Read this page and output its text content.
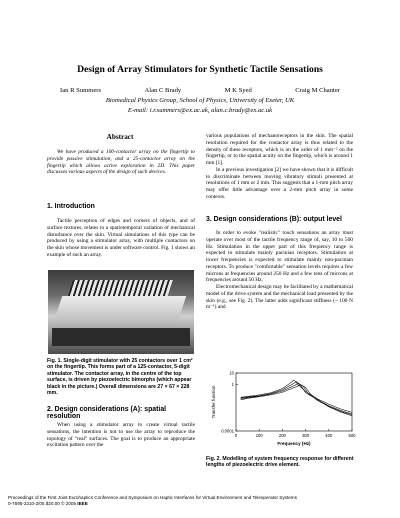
Design of Array Stimulators for Synthetic Tactile Sensations
Ian R Summers	Alan C Brady	M K Syed	Craig M Chanter
Biomedical Physics Group, School of Physics, University of Exeter, UK
E-mail: i.r.summers@ex.ac.uk, alan.c.brady@ex.ac.uk
Abstract

We have produced a 100-contactor array on the fingertip to provide passive stimulation, and a 25-contactor array on the fingertip which allows active exploration in 2D. This paper discusses various aspects of the design of such devices.

1. Introduction

Tactile perception of edges and corners of objects, and of surface textures, relates to a spatiotemporal variation of mechanical disturbance over the skin. Virtual simulations of this type can be produced by using a stimulator array, with multiple contactors on the skin whose movement is under software control. Fig. 1 shows an example of such an array.

Fig. 1. Single-digit stimulator with 25 contactors over 1 cm² on the fingertip. This forms part of a 125-contactor, 5-digit stimulator. The contactor array, in the centre of the top surface, is driven by piezoelectric bimorphs (which appear black in the picture.) Overall dimensions are 27 × 67 × 228 mm.
2. Design considerations (A): spatial resolution

When using a stimulator array to create virtual tactile sensations, the intention is not to use the array to reproduce the topology of "real" surfaces. The goal is to produce an appropriate excitation pattern over the

various populations of mechanoreceptors in the skin. The spatial resolution required for the contactor array is thus related to the density of these receptors, which is on the order of 1 mm⁻² on the fingertip, or to the spatial acuity on the fingertip, which is around 1 mm [1].

In a previous investigation [2] we have shown that it is difficult to discriminate between moving vibratory stimuli presented at resolutions of 1 mm or 2 mm. This suggests that a 1-mm pitch array may offer little advantage over a 2-mm pitch array in some contexts.

3. Design considerations (B): output level

In order to evoke "realistic" touch sensations an array must operate over most of the tactile frequency range of, say, 10 to 500 Hz. Stimulation in the upper part of this frequency range is expected to stimulate mainly pacinian receptors. Stimulation at lower frequencies is expected to stimulate mainly non-pacinian receptors. To produce "comfortable" sensation levels requires a few microns at frequencies around 250 Hz and a few tens of microns at frequencies around 50 Hz.

Electromechanical design may be facilitated by a mathematical model of the drive system and the mechanical load presented by the skin (e.g., see Fig. 2). The latter adds significant stiffness (~ 100 N m⁻¹) and

0	100	200	300	400	500
0.0001
1
10
Frequency (Hz)
Transfer function
Fig. 2. Modelling of system frequency response for different lengths of piezoelectric drive element.
Proceedings of the First Joint Eurohaptics Conference and Symposium on Haptic Interfaces for Virtual Environment and Teleoperator Systems
0-7695-2310-2/05 $20.00 © 2005 IEEE
